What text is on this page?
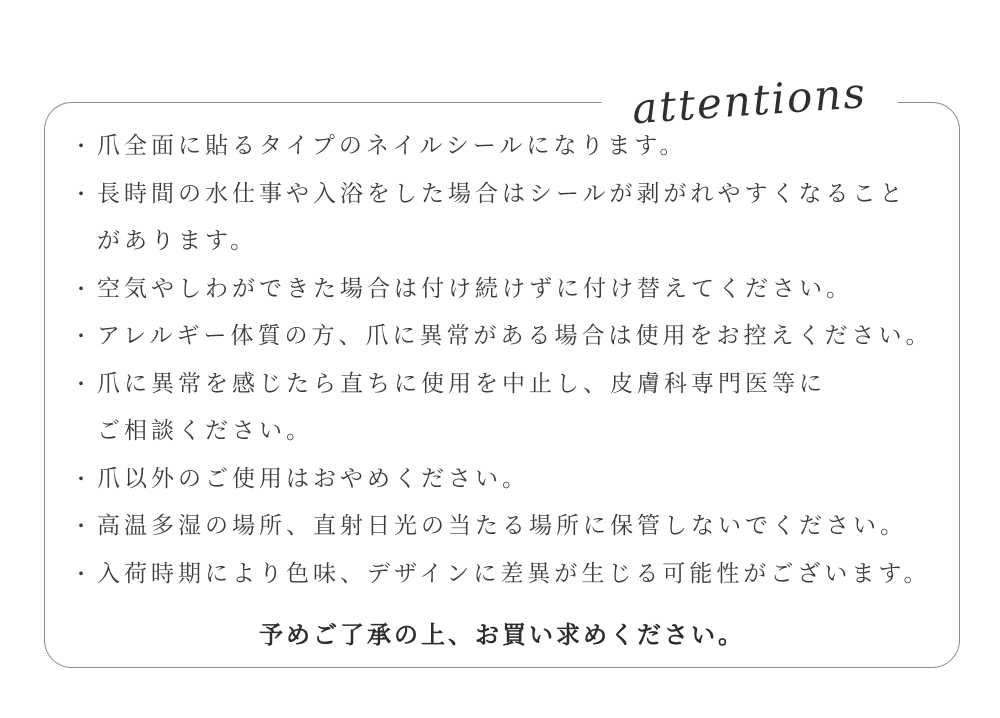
attentions
・ 爪全面に貼るタイプのネイルシールになります。
・ 長時間の水仕事や入浴をした場合はシールが剥がれやすくなること
があります。
・ 空気やしわができた場合は付け続けずに付け替えてください。
・ アレルギー体質の方、爪に異常がある場合は使用をお控えください。
・ 爪に異常を感じたら直ちに使用を中止し、皮膚科専門医等に
ご相談ください。
・ 爪以外のご使用はおやめください。
・ 高温多湿の場所、直射日光の当たる場所に保管しないでください。
・ 入荷時期により色味、デザインに差異が生じる可能性がございます。
予めご了承の上、お買い求めください。
